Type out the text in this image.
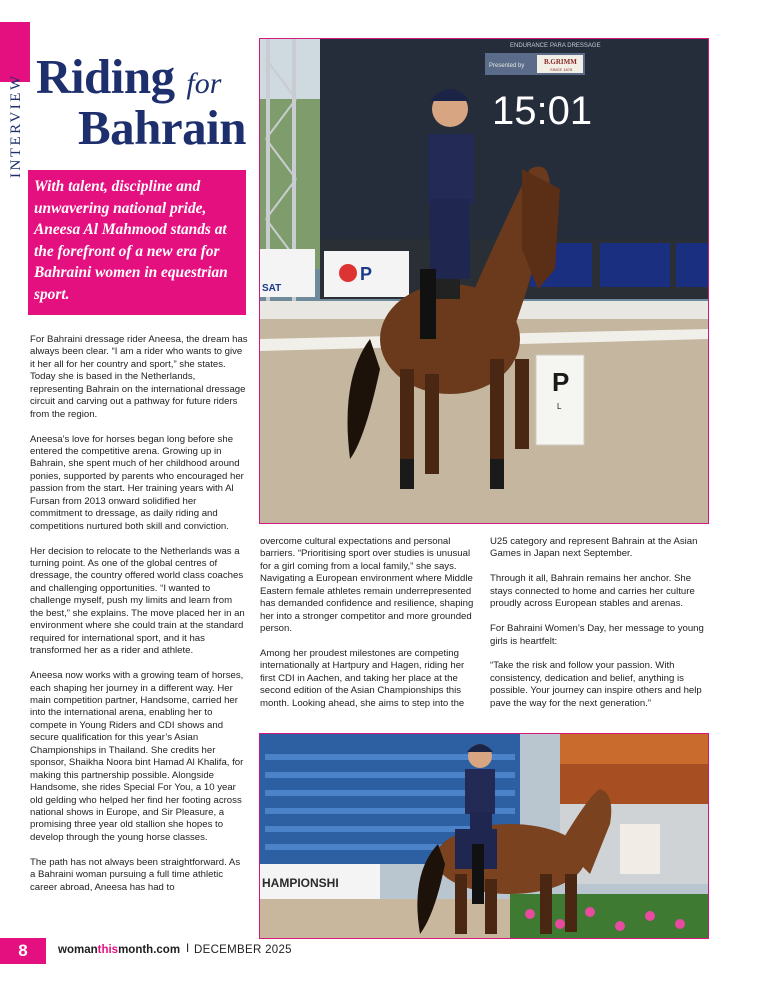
INTERVIEW Riding for
Bahrain
With talent, discipline and unwavering national pride, Aneesa Al Mahmood stands at the forefront of a new era for Bahraini women in equestrian sport.

For Bahraini dressage rider Aneesa, the dream has always been clear. “I am a rider who wants to give it her all for her country and sport,” she states. Today she is based in the Netherlands, representing Bahrain on the international dressage circuit and carving out a pathway for future riders from the region.

Aneesa’s love for horses began long before she entered the competitive arena. Growing up in Bahrain, she spent much of her childhood around ponies, supported by parents who encouraged her passion from the start. Her training years with Al Fursan from 2013 onward solidified her commitment to dressage, as daily riding and competitions nurtured both skill and conviction.

Her decision to relocate to the Netherlands was a turning point. As one of the global centres of dressage, the country offered world class coaches and challenging opportunities. “I wanted to challenge myself, push my limits and learn from the best,” she explains. The move placed her in an environment where she could train at the standard required for international sport, and it has transformed her as a rider and athlete.

Aneesa now works with a growing team of horses, each shaping her journey in a different way. Her main competition partner, Handsome, carried her into the international arena, enabling her to compete in Young Riders and CDI shows and secure qualification for this year’s Asian Championships in Thailand. She credits her sponsor, Shaikha Noora bint Hamad Al Khalifa, for making this partnership possible. Alongside Handsome, she rides Special For You, a 10 year old gelding who helped her find her footing across national shows in Europe, and Sir Pleasure, a promising three year old stallion she hopes to develop through the young horse classes.

The path has not always been straightforward. As a Bahraini woman pursuing a full time athletic career abroad, Aneesa has had to

overcome cultural expectations and personal barriers. “Prioritising sport over studies is unusual for a girl coming from a local family,” she says. Navigating a European environment where Middle Eastern female athletes remain underrepresented has demanded confidence and resilience, shaping her into a stronger competitor and more grounded person.

Among her proudest milestones are competing internationally at Hartpury and Hagen, riding her first CDI in Aachen, and taking her place at the second edition of the Asian Championships this month. Looking ahead, she aims to step into the

U25 category and represent Bahrain at the Asian Games in Japan next September.

Through it all, Bahrain remains her anchor. She stays connected to home and carries her culture proudly across European stables and arenas.

For Bahraini Women’s Day, her message to young girls is heartfelt:

“Take the risk and follow your passion. With consistency, dedication and belief, anything is possible. Your journey can inspire others and help pave the way for the next generation.”

ENDURANCE PARA DRESSAGE
Presented by	B.GRIMM
SINCE 1878
15:01
SAT
P
P
L
HAMPIONSHI
8	womanthismonth.com I DECEMBER 2025
